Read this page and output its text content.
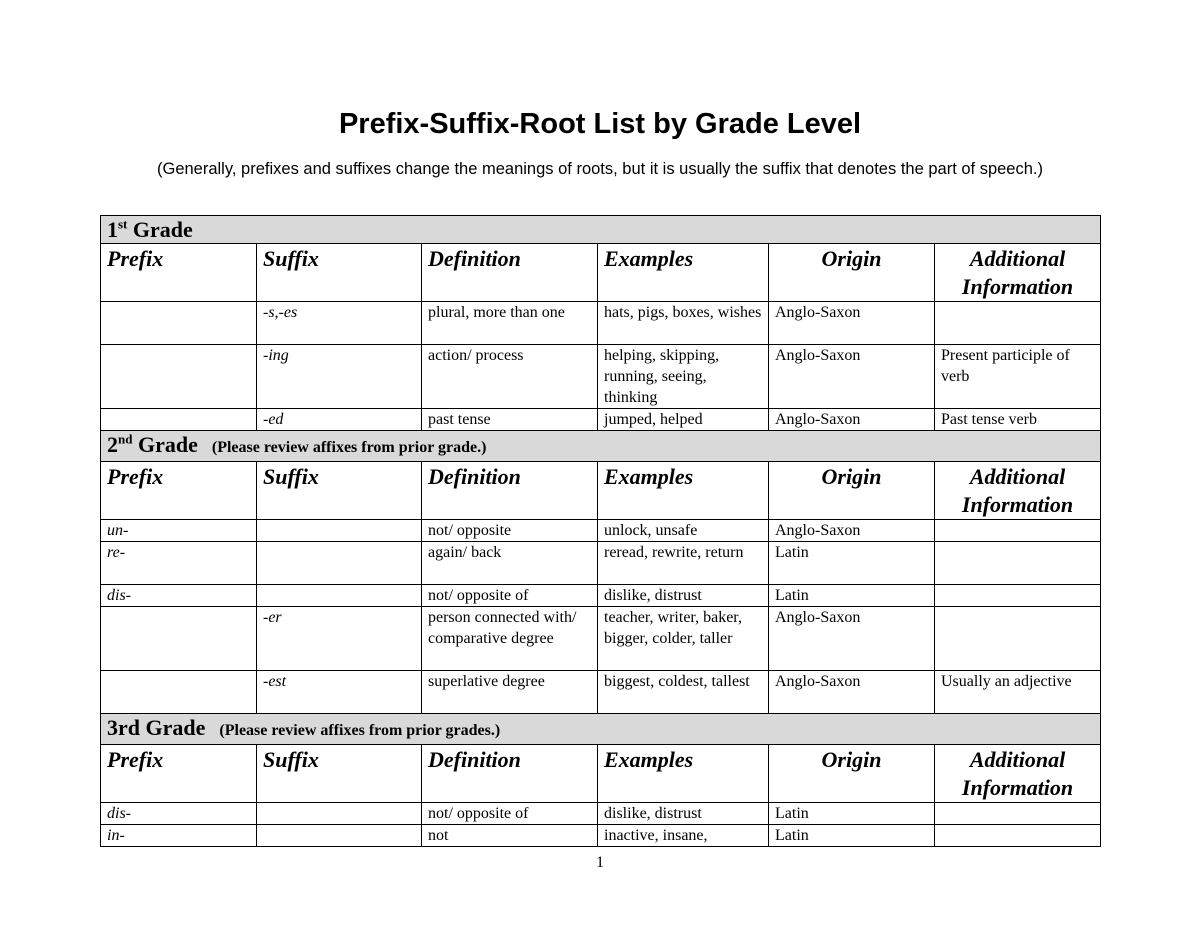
Prefix-Suffix-Root List by Grade Level
(Generally, prefixes and suffixes change the meanings of roots, but it is usually the suffix that denotes the part of speech.)
1st Grade					
Prefix	Suffix	Definition	Examples	Origin	Additional
Information
	-s,-es	plural, more than one	hats, pigs, boxes, wishes	Anglo-Saxon	
	-ing	action/ process	helping, skipping, running, seeing, thinking	Anglo-Saxon	Present participle of verb
	-ed	past tense	jumped, helped	Anglo-Saxon	Past tense verb
2nd Grade (Please review affixes from prior grade.)					
Prefix	Suffix	Definition	Examples	Origin	Additional
Information
un-		not/ opposite	unlock, unsafe	Anglo-Saxon	
re-		again/ back	reread, rewrite, return	Latin	
dis-		not/ opposite of	dislike, distrust	Latin	
	-er	person connected with/ comparative degree	teacher, writer, baker, bigger, colder, taller	Anglo-Saxon	
	-est	superlative degree	biggest, coldest, tallest	Anglo-Saxon	Usually an adjective
3rd Grade (Please review affixes from prior grades.)					
Prefix	Suffix	Definition	Examples	Origin	Additional
Information
dis-		not/ opposite of	dislike, distrust	Latin	
in-		not	inactive, insane,	Latin	
1
